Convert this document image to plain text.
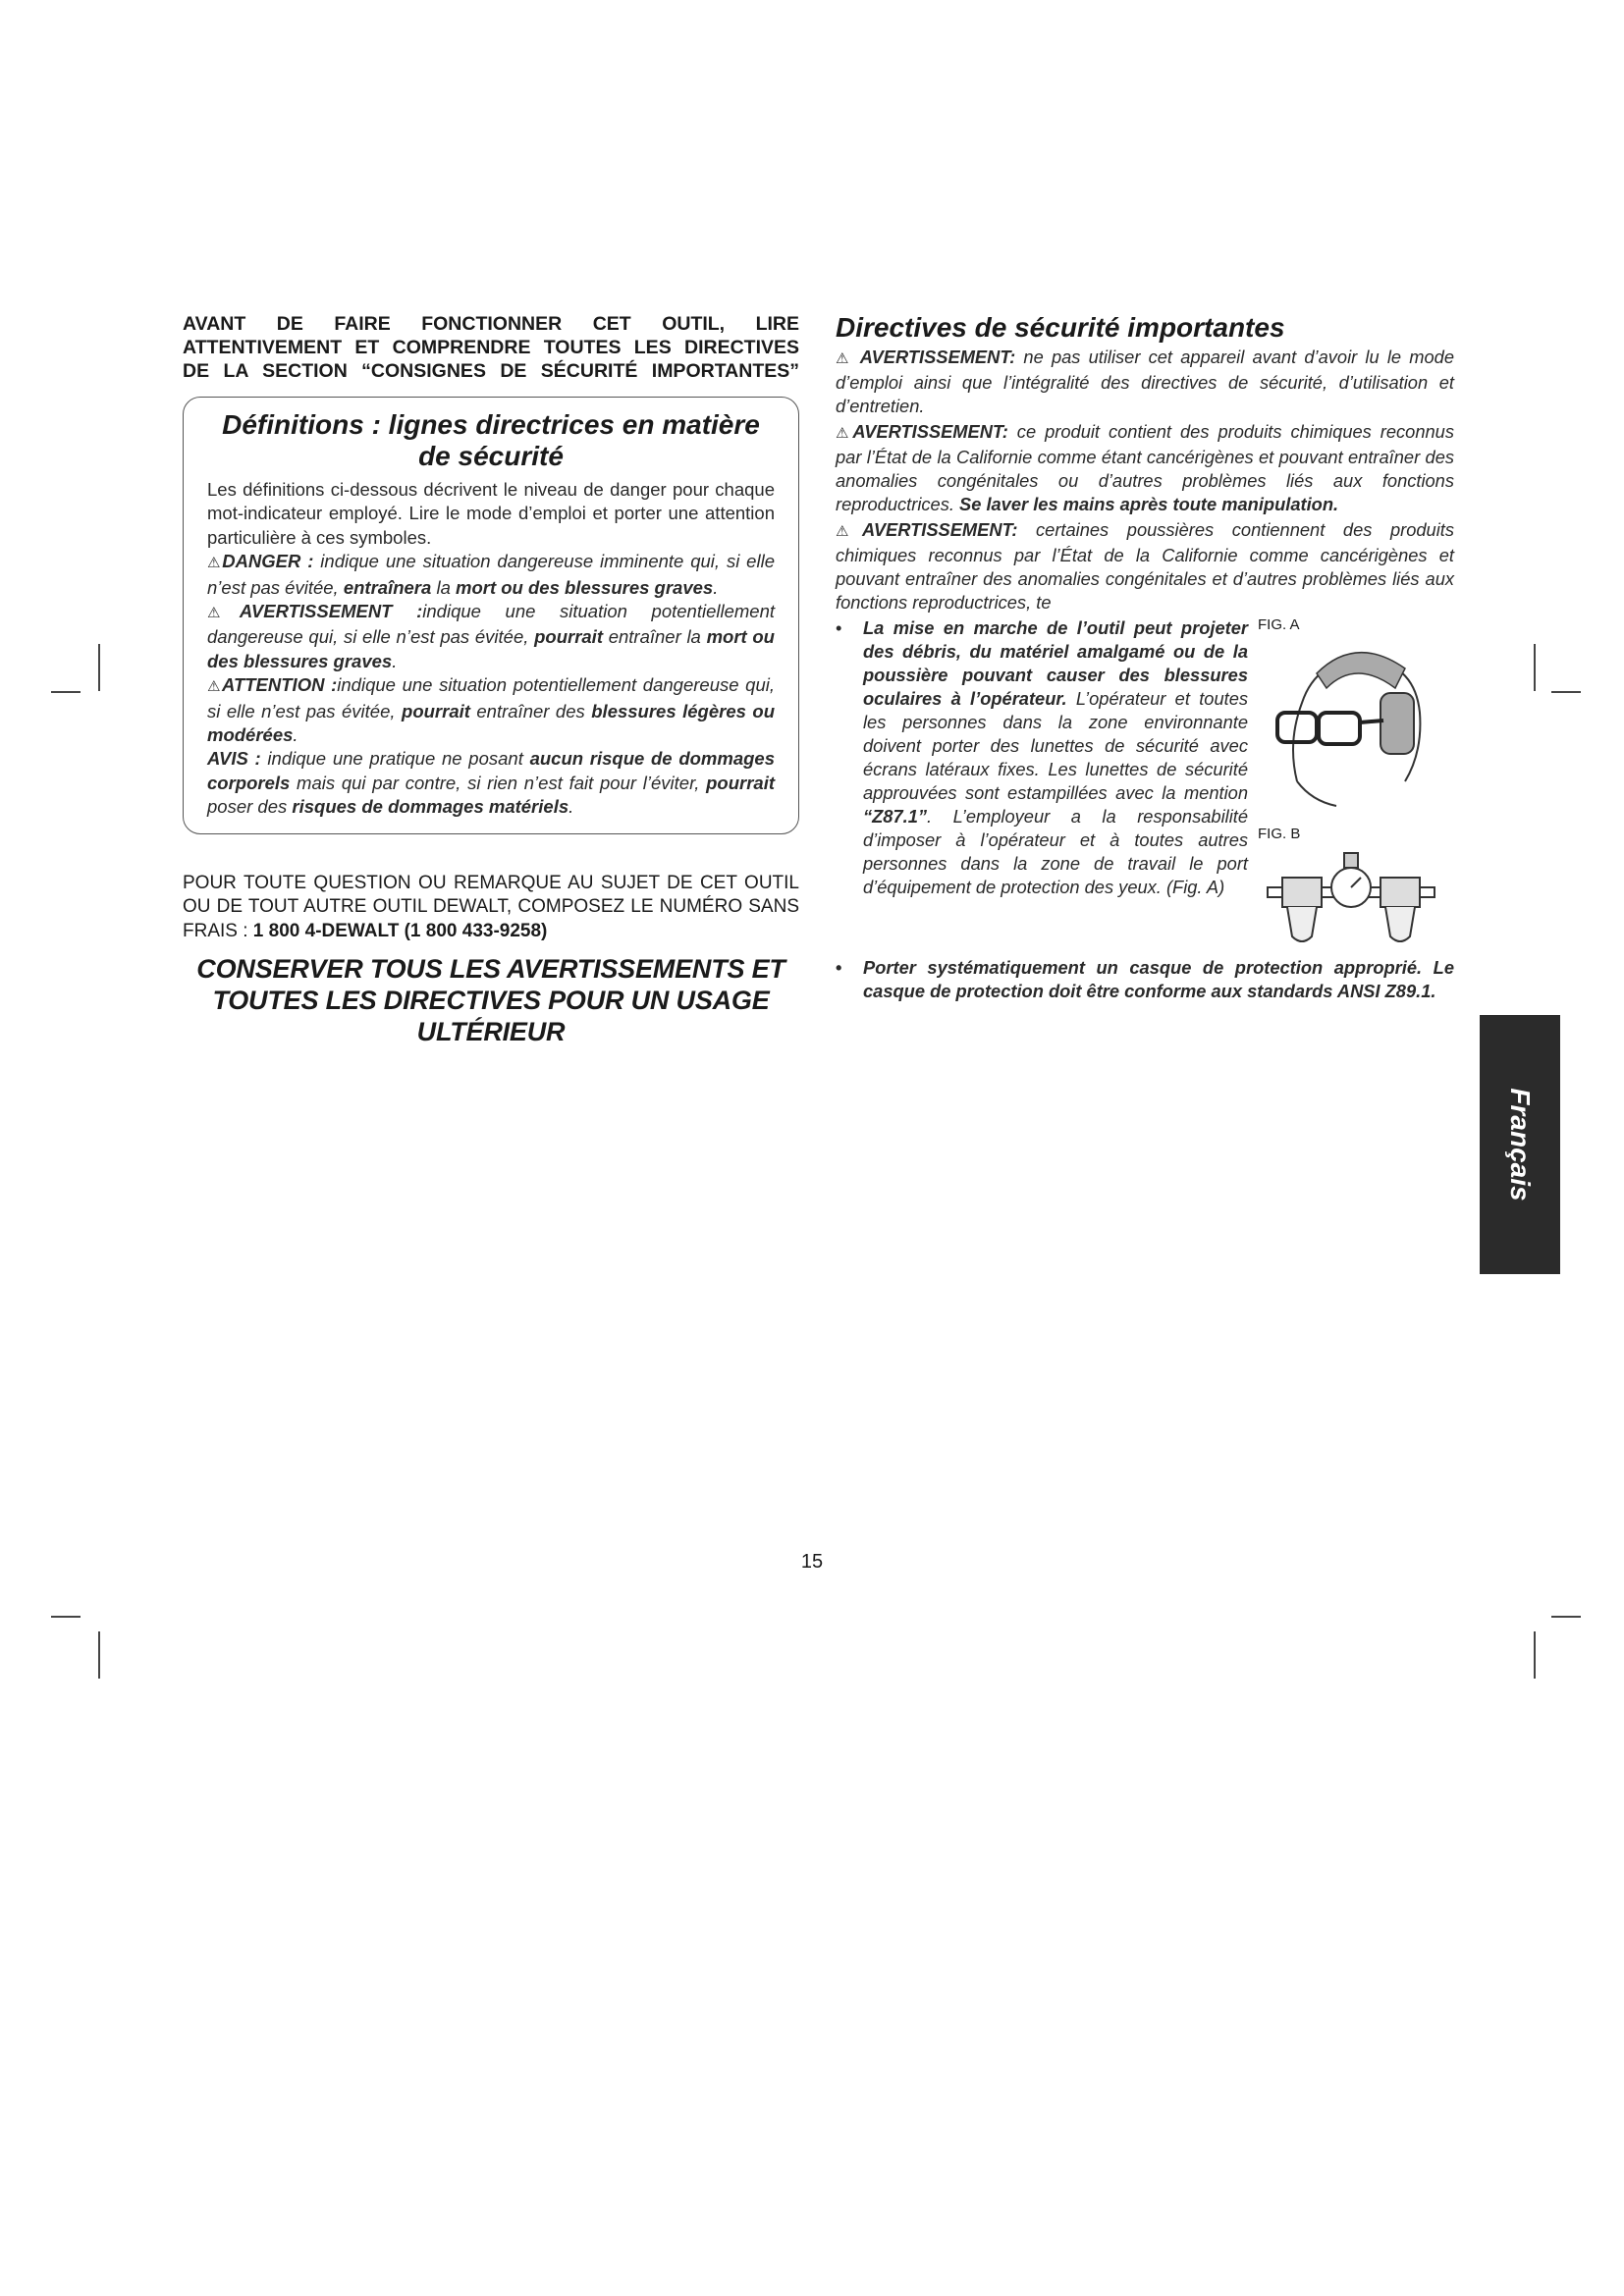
AVANT DE FAIRE FONCTIONNER CET OUTIL, LIRE
ATTENTIVEMENT ET COMPRENDRE TOUTES LES DIRECTIVES
DE LA SECTION “CONSIGNES DE SÉCURITÉ IMPORTANTES”

Définitions : lignes directrices en matière de sécurité

Les définitions ci-dessous décrivent le niveau de danger pour chaque mot-indicateur employé. Lire le mode d’emploi et porter une attention particulière à ces symboles.

⚠DANGER : indique une situation dangereuse imminente qui, si elle n’est pas évitée, entraînera la mort ou des blessures graves.

⚠AVERTISSEMENT :indique une situation potentiellement dangereuse qui, si elle n’est pas évitée, pourrait entraîner la mort ou des blessures graves.

⚠ATTENTION :indique une situation potentiellement dangereuse qui, si elle n’est pas évitée, pourrait entraîner des blessures légères ou modérées.

AVIS : indique une pratique ne posant aucun risque de dommages corporels mais qui par contre, si rien n’est fait pour l’éviter, pourrait poser des risques de dommages matériels.

POUR TOUTE QUESTION OU REMARQUE AU SUJET DE CET OUTIL OU DE TOUT AUTRE OUTIL DEWALT, COMPOSEZ LE NUMÉRO SANS FRAIS : 1 800 4-DEWALT (1 800 433-9258)

CONSERVER TOUS LES AVERTISSEMENTS ET TOUTES LES DIRECTIVES POUR UN USAGE ULTÉRIEUR

Directives de sécurité importantes

⚠ AVERTISSEMENT: ne pas utiliser cet appareil avant d’avoir lu le mode d’emploi ainsi que l’intégralité des directives de sécurité, d’utilisation et d’entretien.

⚠AVERTISSEMENT: ce produit contient des produits chimiques reconnus par l’État de la Californie comme étant cancérigènes et pouvant entraîner des anomalies congénitales ou d’autres problèmes liés aux fonctions reproductrices. Se laver les mains après toute manipulation.

⚠AVERTISSEMENT: certaines poussières contiennent des produits chimiques reconnus par l’État de la Californie comme cancérigènes et pouvant entraîner des anomalies congénitales et d’autres problèmes liés aux fonctions reproductrices, te

• La mise en marche de l’outil peut projeter des débris, du matériel amalgamé ou de la poussière pouvant causer des blessures oculaires à l’opérateur. L’opérateur et toutes les personnes dans la zone environnante doivent porter des lunettes de sécurité avec écrans latéraux fixes. Les lunettes de sécurité approuvées sont estampillées avec la mention “Z87.1”. L’employeur a la responsabilité d’imposer à l’opérateur et à toutes autres personnes dans la zone de travail le port d’équipement de protection des yeux. (Fig. A)

FIG. A

FIG. B

• Porter systématiquement un casque de protection approprié. Le casque de protection doit être conforme aux standards ANSI Z89.1.

Français
15
